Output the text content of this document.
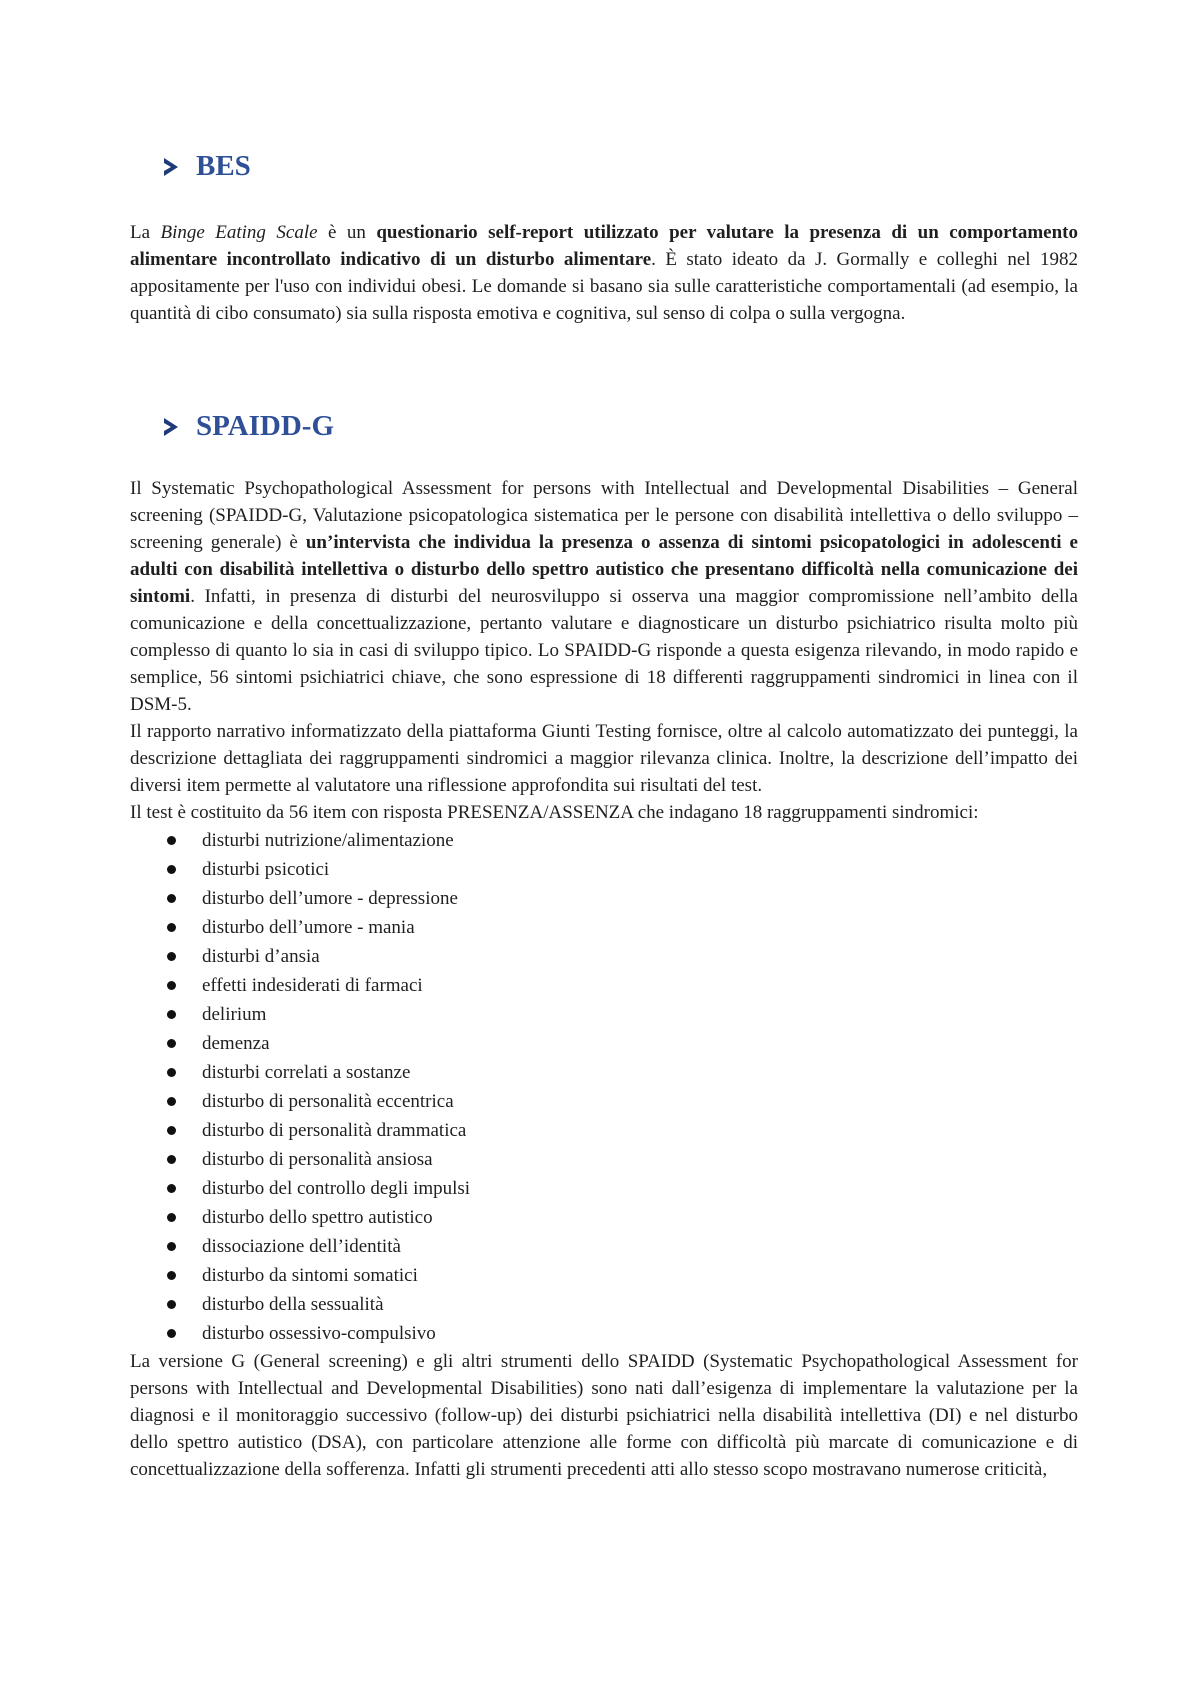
BES

La Binge Eating Scale è un questionario self-report utilizzato per valutare la presenza di un comportamento alimentare incontrollato indicativo di un disturbo alimentare. È stato ideato da J. Gormally e colleghi nel 1982 appositamente per l'uso con individui obesi. Le domande si basano sia sulle caratteristiche comportamentali (ad esempio, la quantità di cibo consumato) sia sulla risposta emotiva e cognitiva, sul senso di colpa o sulla vergogna.

SPAIDD-G

Il Systematic Psychopathological Assessment for persons with Intellectual and Developmental Disabilities – General screening (SPAIDD-G, Valutazione psicopatologica sistematica per le persone con disabilità intellettiva o dello sviluppo – screening generale) è un’intervista che individua la presenza o assenza di sintomi psicopatologici in adolescenti e adulti con disabilità intellettiva o disturbo dello spettro autistico che presentano difficoltà nella comunicazione dei sintomi. Infatti, in presenza di disturbi del neurosviluppo si osserva una maggior compromissione nell’ambito della comunicazione e della concettualizzazione, pertanto valutare e diagnosticare un disturbo psichiatrico risulta molto più complesso di quanto lo sia in casi di sviluppo tipico. Lo SPAIDD-G risponde a questa esigenza rilevando, in modo rapido e semplice, 56 sintomi psichiatrici chiave, che sono espressione di 18 differenti raggruppamenti sindromici in linea con il DSM-5.

Il rapporto narrativo informatizzato della piattaforma Giunti Testing fornisce, oltre al calcolo automatizzato dei punteggi, la descrizione dettagliata dei raggruppamenti sindromici a maggior rilevanza clinica. Inoltre, la descrizione dell’impatto dei diversi item permette al valutatore una riflessione approfondita sui risultati del test.

Il test è costituito da 56 item con risposta PRESENZA/ASSENZA che indagano 18 raggruppamenti sindromici:

disturbi nutrizione/alimentazione
disturbi psicotici
disturbo dell’umore - depressione
disturbo dell’umore - mania
disturbi d’ansia
effetti indesiderati di farmaci
delirium
demenza
disturbi correlati a sostanze
disturbo di personalità eccentrica
disturbo di personalità drammatica
disturbo di personalità ansiosa
disturbo del controllo degli impulsi
disturbo dello spettro autistico
dissociazione dell’identità
disturbo da sintomi somatici
disturbo della sessualità
disturbo ossessivo-compulsivo

La versione G (General screening) e gli altri strumenti dello SPAIDD (Systematic Psychopathological Assessment for persons with Intellectual and Developmental Disabilities) sono nati dall’esigenza di implementare la valutazione per la diagnosi e il monitoraggio successivo (follow-up) dei disturbi psichiatrici nella disabilità intellettiva (DI) e nel disturbo dello spettro autistico (DSA), con particolare attenzione alle forme con difficoltà più marcate di comunicazione e di concettualizzazione della sofferenza. Infatti gli strumenti precedenti atti allo stesso scopo mostravano numerose criticità,
